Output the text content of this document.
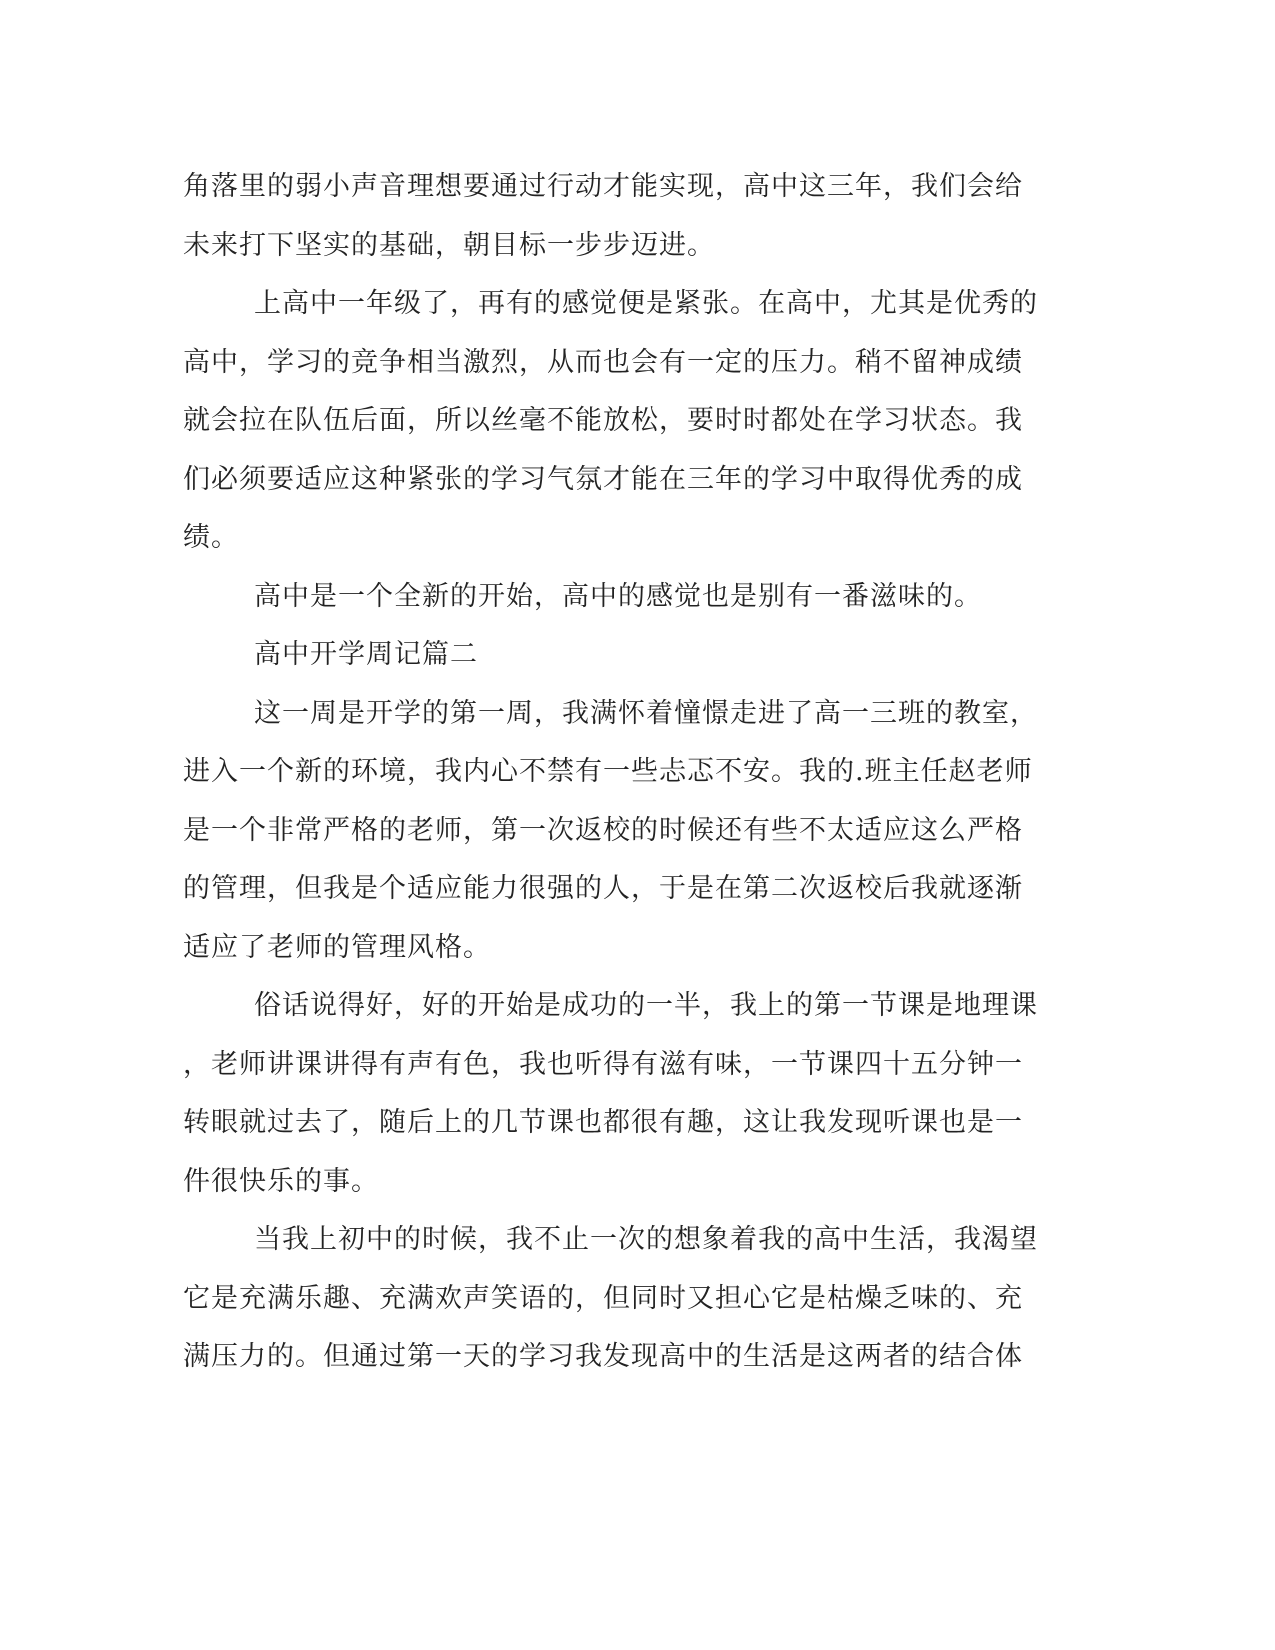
角落里的弱小声音理想要通过行动才能实现，高中这三年，我们会给
未来打下坚实的基础，朝目标一步步迈进。
上高中一年级了，再有的感觉便是紧张。在高中，尤其是优秀的
高中，学习的竞争相当激烈，从而也会有一定的压力。稍不留神成绩
就会拉在队伍后面，所以丝毫不能放松，要时时都处在学习状态。我
们必须要适应这种紧张的学习气氛才能在三年的学习中取得优秀的成
绩。
高中是一个全新的开始，高中的感觉也是别有一番滋味的。
高中开学周记篇二
这一周是开学的第一周，我满怀着憧憬走进了高一三班的教室，
进入一个新的环境，我内心不禁有一些忐忑不安。我的.班主任赵老师
是一个非常严格的老师，第一次返校的时候还有些不太适应这么严格
的管理，但我是个适应能力很强的人，于是在第二次返校后我就逐渐
适应了老师的管理风格。
俗话说得好，好的开始是成功的一半，我上的第一节课是地理课
，老师讲课讲得有声有色，我也听得有滋有味，一节课四十五分钟一
转眼就过去了，随后上的几节课也都很有趣，这让我发现听课也是一
件很快乐的事。
当我上初中的时候，我不止一次的想象着我的高中生活，我渴望
它是充满乐趣、充满欢声笑语的，但同时又担心它是枯燥乏味的、充
满压力的。但通过第一天的学习我发现高中的生活是这两者的结合体
